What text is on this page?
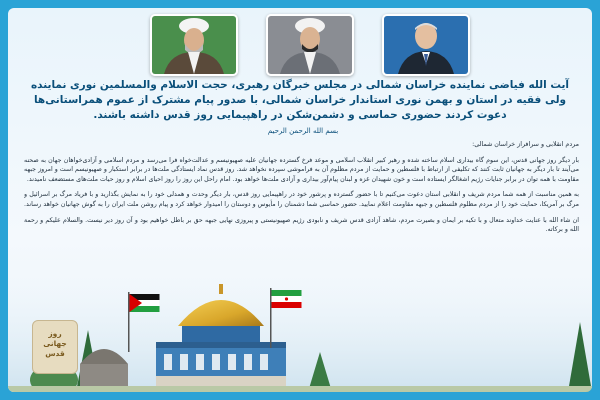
آیت الله فیاضی نماینده خراسان شمالی در مجلس خبرگان رهبری، حجت الاسلام والمسلمین نوری نماینده ولی فقیه در استان و بهمن نوری استاندار خراسان شمالی، با صدور پیام مشترک از عموم همراستانی‌ها دعوت کردند حضوری حماسی و دشمن‌شکن در راهپیمایی روز قدس داشته باشند.
بسم الله الرحمن الرحیم

مردم انقلابی و سرافراز خراسان شمالی:

بار دیگر روز جهانی قدس، این سوم گاه بیداری اسلام ساخته شده و رهبر کبیر انقلاب اسلامی و موعد فرخ گسترده جهانیان علیه صهیونیسم و عدالت‌خواه فرا می‌رسد و مردم اسلامی و آزادی‌خواهان جهان به صحنه می‌آیند تا بار دیگر به جهانیان ثابت کنند که تکلیفی از ارتباط با فلسطین و حمایت از مردم مظلوم آن به فراموشی سپرده نخواهد شد. روز قدس نماد ایستادگی ملت‌ها در برابر استکبار و صهیونیسم است و امروز جبهه مقاومت با همه توان در برابر جنایات رژیم اشغالگر ایستاده است و خون شهیدان غزه و لبنان پیام‌آور بیداری و آزادی ملت‌ها خواهد بود. امام راحل این روز را روز احیای اسلام و روز حیات ملت‌های مستضعف نامیدند.

به همین مناسبت از همه شما مردم شریف و انقلابی استان دعوت می‌کنیم تا با حضور گسترده و پرشور خود در راهپیمایی روز قدس، بار دیگر وحدت و همدلی خود را به نمایش بگذارید و با فریاد مرگ بر اسرائیل و مرگ بر آمریکا، حمایت خود را از مردم مظلوم فلسطین و جبهه مقاومت اعلام نمایید. حضور حماسی شما دشمنان را مأیوس و دوستان را امیدوار خواهد کرد و پیام روشن ملت ایران را به گوش جهانیان خواهد رساند.

ان شاء الله با عنایت خداوند متعال و با تکیه بر ایمان و بصیرت مردم، شاهد آزادی قدس شریف و نابودی رژیم صهیونیستی و پیروزی نهایی جبهه حق بر باطل خواهیم بود و آن روز دیر نیست. والسلام علیکم و رحمة الله و برکاته.

روز
جهانی
قدس
